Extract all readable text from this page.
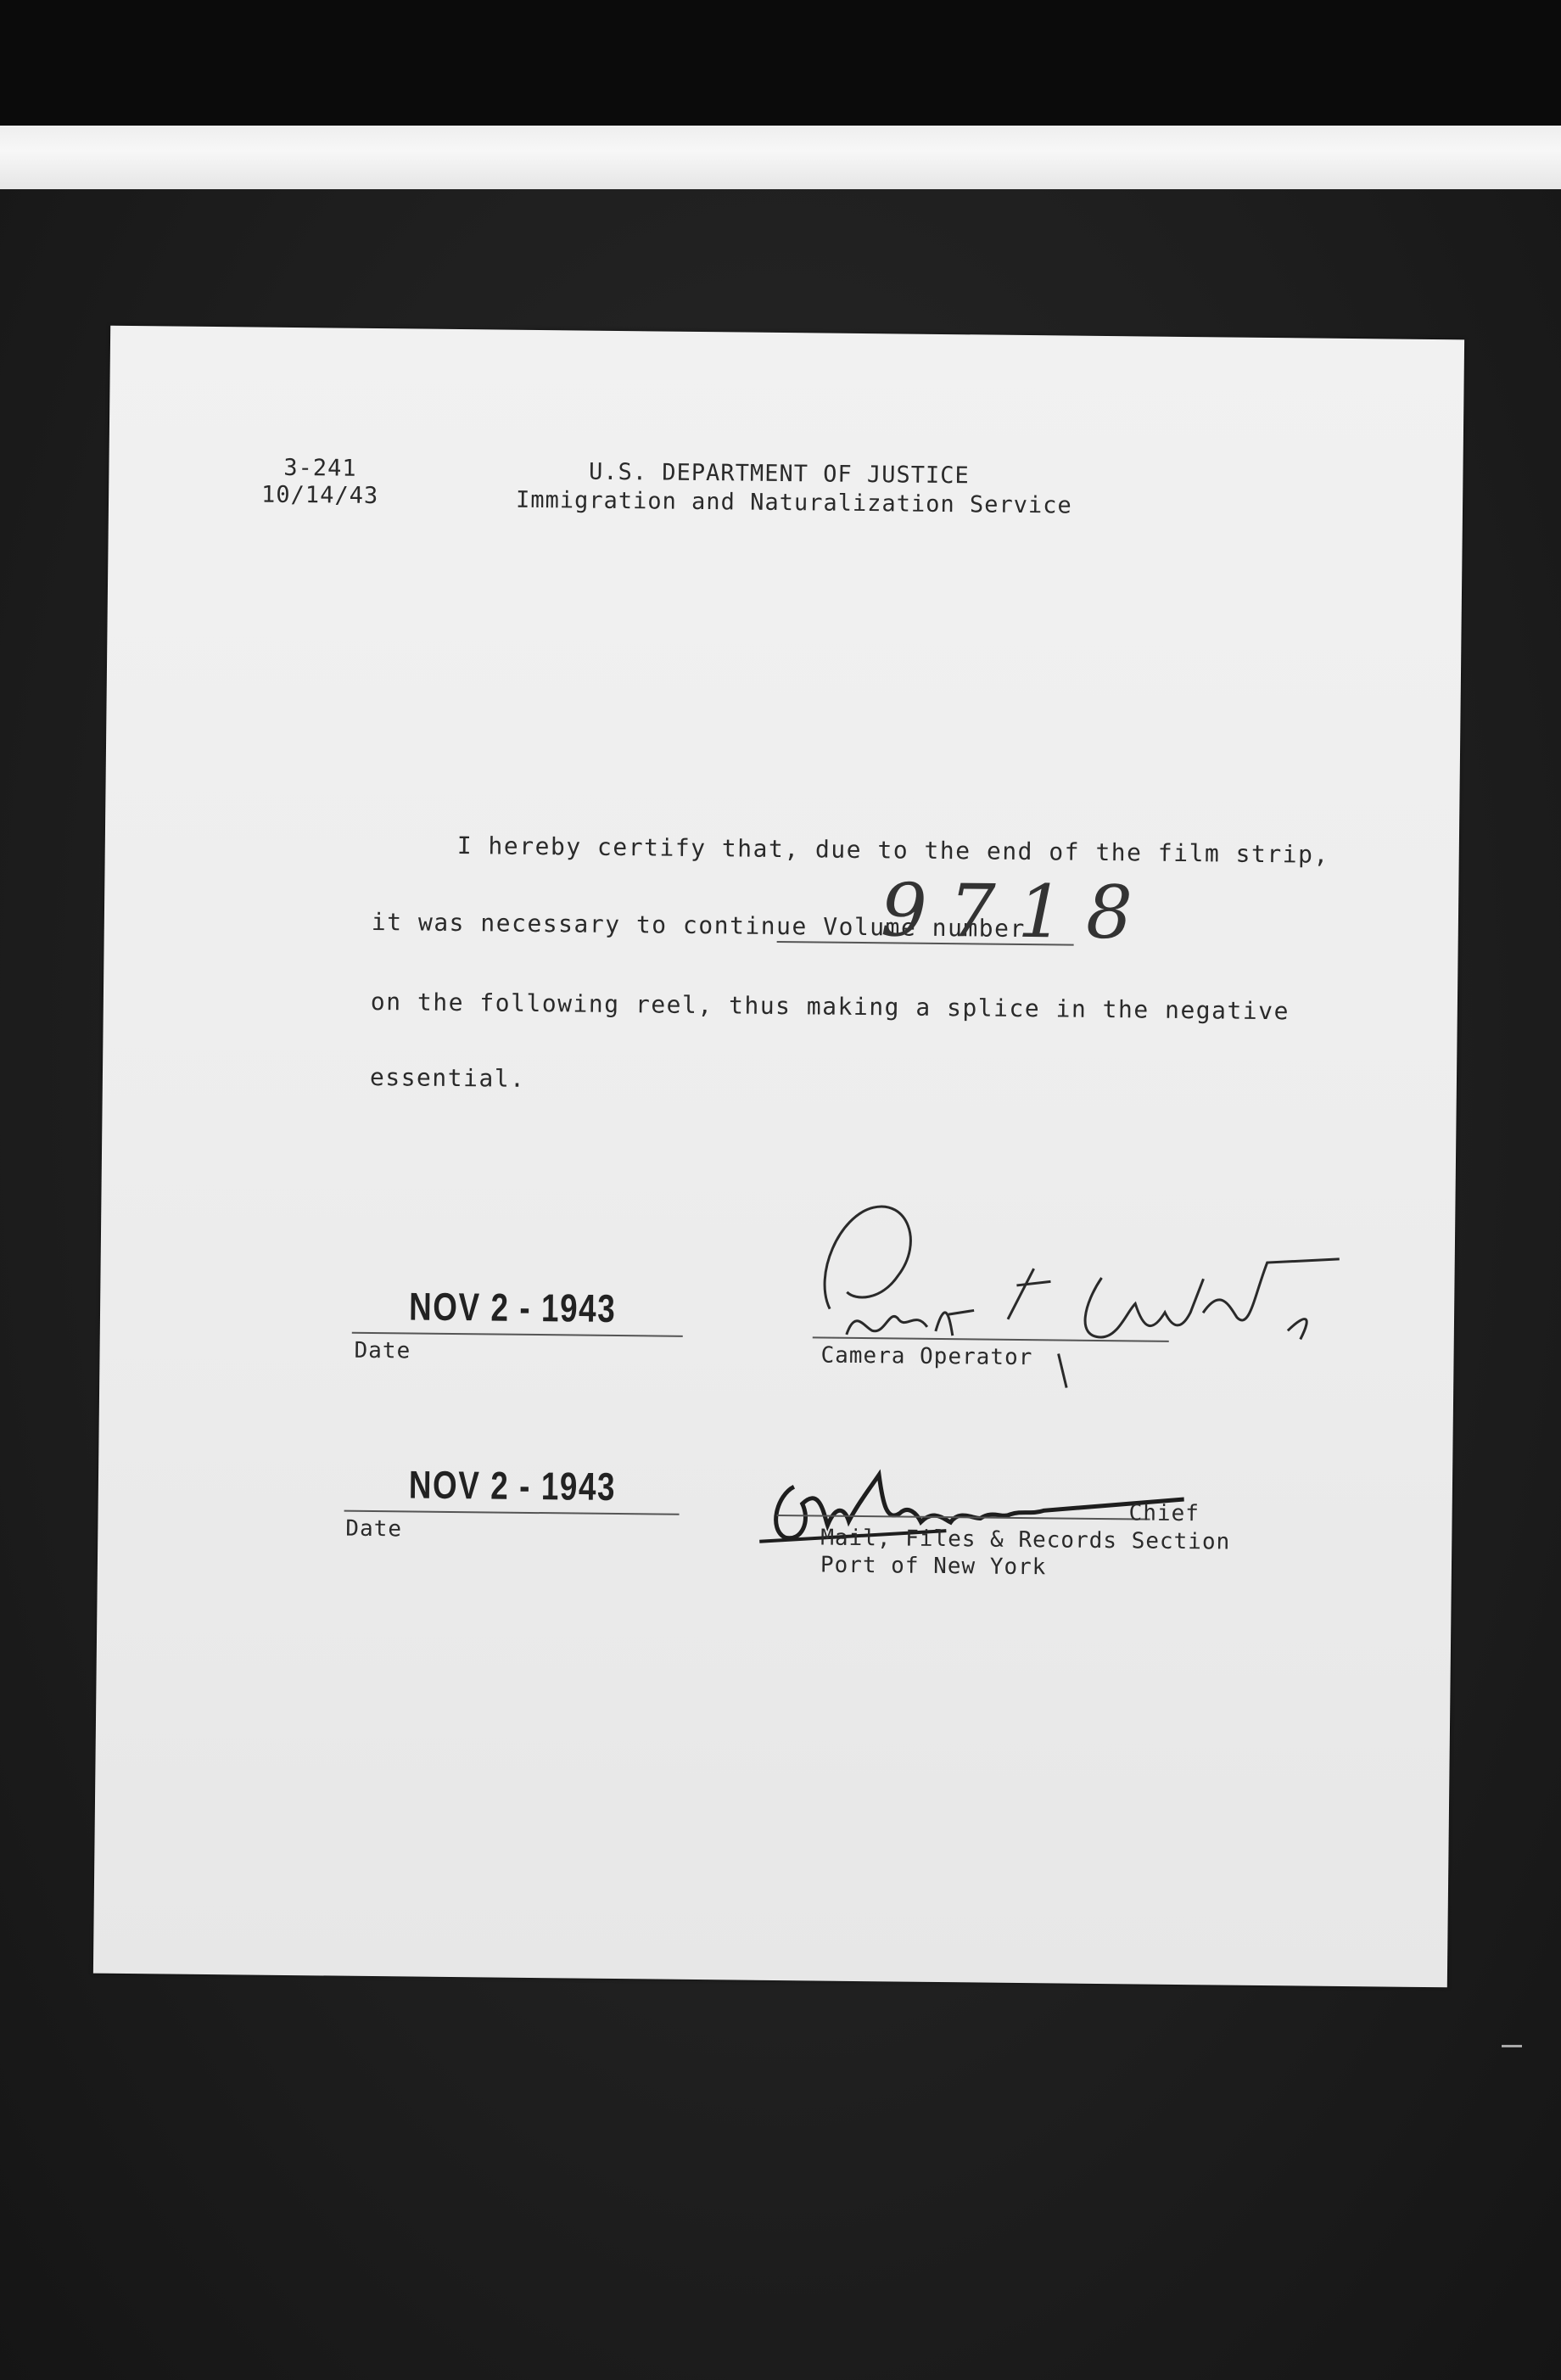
3-241
10/14/43
U.S. DEPARTMENT OF JUSTICE
Immigration and Naturalization Service
I hereby certify that, due to the end of the film strip,
it was necessary to continue Volume number
9718
on the following reel, thus making a splice in the negative
essential.
NOV 2 - 1943
Date	Camera Operator
NOV 2 - 1943
Date
Chief
Mail, Files & Records Section
Port of New York
